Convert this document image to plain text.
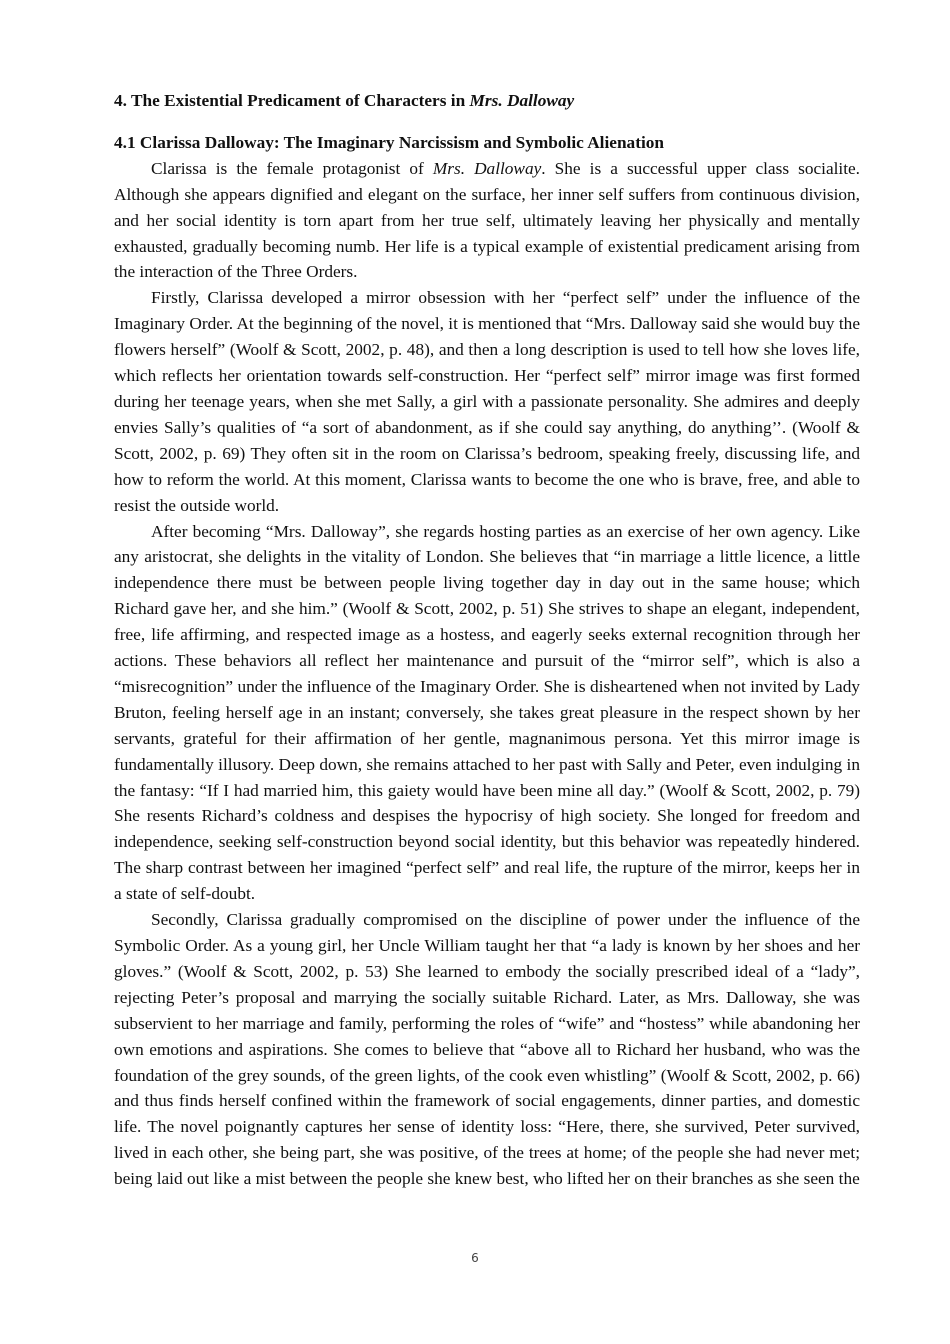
4. The Existential Predicament of Characters in Mrs. Dalloway
4.1 Clarissa Dalloway: The Imaginary Narcissism and Symbolic Alienation

Clarissa is the female protagonist of Mrs. Dalloway. She is a successful upper class socialite. Although she appears dignified and elegant on the surface, her inner self suffers from continuous division, and her social identity is torn apart from her true self, ultimately leaving her physically and mentally exhausted, gradually becoming numb. Her life is a typical example of existential predicament arising from the interaction of the Three Orders.

Firstly, Clarissa developed a mirror obsession with her “perfect self” under the influence of the Imaginary Order. At the beginning of the novel, it is mentioned that “Mrs. Dalloway said she would buy the flowers herself” (Woolf & Scott, 2002, p. 48), and then a long description is used to tell how she loves life, which reflects her orientation towards self-construction. Her “perfect self” mirror image was first formed during her teenage years, when she met Sally, a girl with a passionate personality. She admires and deeply envies Sally’s qualities of “a sort of abandonment, as if she could say anything, do anything’’. (Woolf & Scott, 2002, p. 69) They often sit in the room on Clarissa’s bedroom, speaking freely, discussing life, and how to reform the world. At this moment, Clarissa wants to become the one who is brave, free, and able to resist the outside world.

After becoming “Mrs. Dalloway”, she regards hosting parties as an exercise of her own agency. Like any aristocrat, she delights in the vitality of London. She believes that “in marriage a little licence, a little independence there must be between people living together day in day out in the same house; which Richard gave her, and she him.” (Woolf & Scott, 2002, p. 51) She strives to shape an elegant, independent, free, life affirming, and respected image as a hostess, and eagerly seeks external recognition through her actions. These behaviors all reflect her maintenance and pursuit of the “mirror self”, which is also a “misrecognition” under the influence of the Imaginary Order. She is disheartened when not invited by Lady Bruton, feeling herself age in an instant; conversely, she takes great pleasure in the respect shown by her servants, grateful for their affirmation of her gentle, magnanimous persona. Yet this mirror image is fundamentally illusory. Deep down, she remains attached to her past with Sally and Peter, even indulging in the fantasy: “If I had married him, this gaiety would have been mine all day.” (Woolf & Scott, 2002, p. 79) She resents Richard’s coldness and despises the hypocrisy of high society. She longed for freedom and independence, seeking self-construction beyond social identity, but this behavior was repeatedly hindered. The sharp contrast between her imagined “perfect self” and real life, the rupture of the mirror, keeps her in a state of self-doubt.

Secondly, Clarissa gradually compromised on the discipline of power under the influence of the Symbolic Order. As a young girl, her Uncle William taught her that “a lady is known by her shoes and her gloves.” (Woolf & Scott, 2002, p. 53) She learned to embody the socially prescribed ideal of a “lady”, rejecting Peter’s proposal and marrying the socially suitable Richard. Later, as Mrs. Dalloway, she was subservient to her marriage and family, performing the roles of “wife” and “hostess” while abandoning her own emotions and aspirations. She comes to believe that “above all to Richard her husband, who was the foundation of the grey sounds, of the green lights, of the cook even whistling” (Woolf & Scott, 2002, p. 66) and thus finds herself confined within the framework of social engagements, dinner parties, and domestic life. The novel poignantly captures her sense of identity loss: “Here, there, she survived, Peter survived, lived in each other, she being part, she was positive, of the trees at home; of the people she had never met; being laid out like a mist between the people she knew best, who lifted her on their branches as she seen the

6
